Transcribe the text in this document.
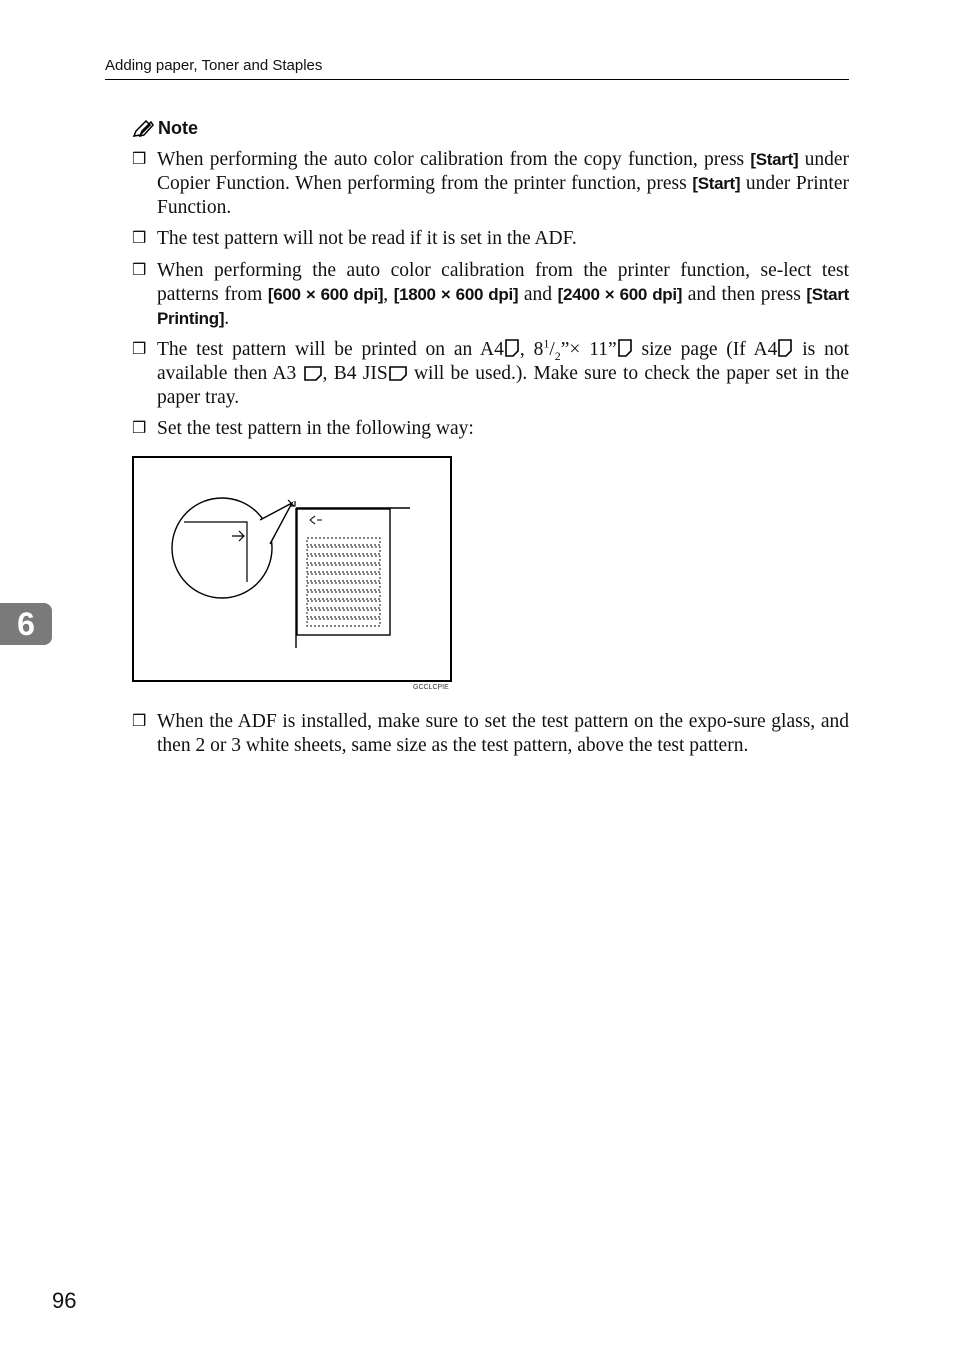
Adding paper, Toner and Staples
Note
❒ When performing the auto color calibration from the copy function, press [Start] under Copier Function. When performing from the printer function, press [Start] under Printer Function.
❒ The test pattern will not be read if it is set in the ADF.
❒ When performing the auto color calibration from the printer function, se-lect test patterns from [600 × 600 dpi], [1800 × 600 dpi] and [2400 × 600 dpi] and then press [Start Printing].
❒ The test pattern will be printed on an A4 , $8^1/_2”\times 11$” size page (If A4 is not available then A3 , B4 JIS will be used.). Make sure to check the paper set in the paper tray.
❒ Set the test pattern in the following way:
GCCLCPIE
❒ When the ADF is installed, make sure to set the test pattern on the expo-sure glass, and then 2 or 3 white sheets, same size as the test pattern, above the test pattern.
6
96
